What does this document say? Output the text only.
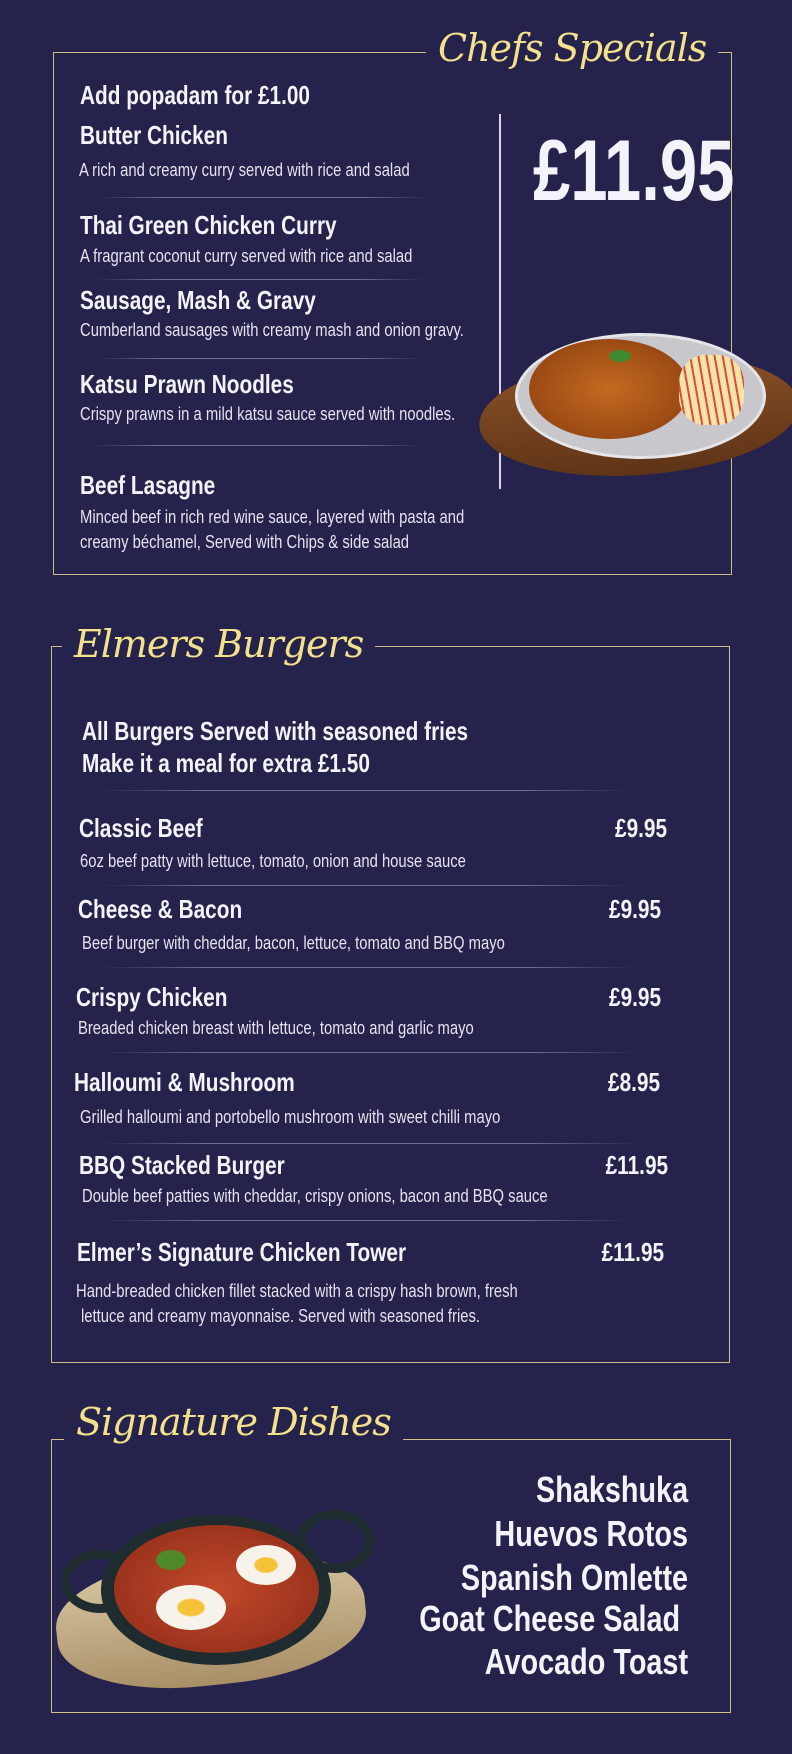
Chefs Specials
Add popadam for £1.00
Butter Chicken
A rich and creamy curry served with rice and salad
Thai Green Chicken Curry
A fragrant coconut curry served with rice and salad
Sausage, Mash & Gravy
Cumberland sausages with creamy mash and onion gravy.
Katsu Prawn Noodles
Crispy prawns in a mild katsu sauce served with noodles.
Beef Lasagne
Minced beef in rich red wine sauce, layered with pasta and
creamy béchamel, Served with Chips & side salad
£11.95
Elmers Burgers
All Burgers Served with seasoned fries
Make it a meal for extra £1.50
Classic Beef
6oz beef patty with lettuce, tomato, onion and house sauce
£9.95
Cheese & Bacon
Beef burger with cheddar, bacon, lettuce, tomato and BBQ mayo
£9.95
Crispy Chicken
Breaded chicken breast with lettuce, tomato and garlic mayo
£9.95
Halloumi & Mushroom
Grilled halloumi and portobello mushroom with sweet chilli mayo
£8.95
BBQ Stacked Burger
Double beef patties with cheddar, crispy onions, bacon and BBQ sauce
£11.95
Elmer’s Signature Chicken Tower
Hand-breaded chicken fillet stacked with a crispy hash brown, fresh
lettuce and creamy mayonnaise. Served with seasoned fries.
£11.95
Signature Dishes
Shakshuka
Huevos Rotos
Spanish Omlette
Goat Cheese Salad
Avocado Toast
